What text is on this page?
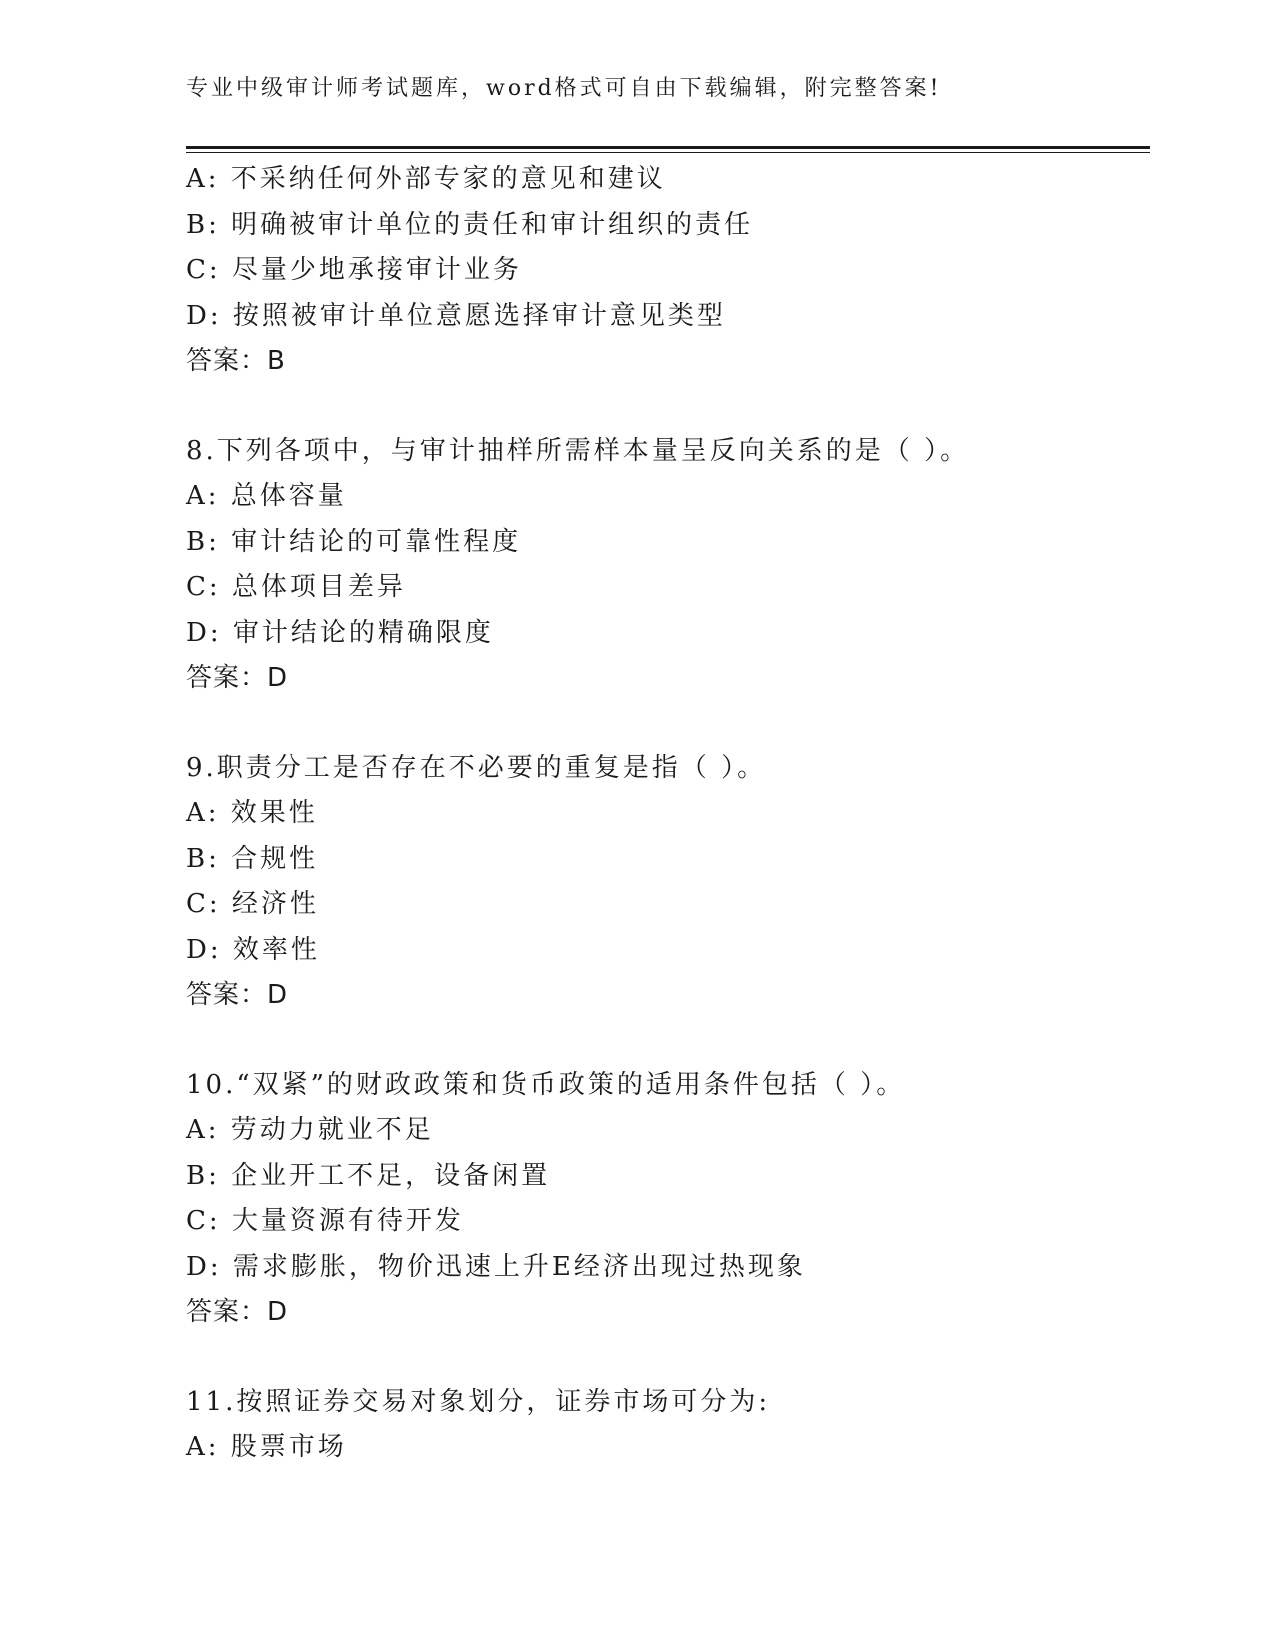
专业中级审计师考试题库，word格式可自由下载编辑，附完整答案!
A: 不采纳任何外部专家的意见和建议
B: 明确被审计单位的责任和审计组织的责任
C: 尽量少地承接审计业务
D: 按照被审计单位意愿选择审计意见类型
答案：B
8.下列各项中，与审计抽样所需样本量呈反向关系的是（ ）。
A: 总体容量
B: 审计结论的可靠性程度
C: 总体项目差异
D: 审计结论的精确限度
答案：D
9.职责分工是否存在不必要的重复是指（ ）。
A: 效果性
B: 合规性
C: 经济性
D: 效率性
答案：D
10.“双紧”的财政政策和货币政策的适用条件包括（ ）。
A: 劳动力就业不足
B: 企业开工不足，设备闲置
C: 大量资源有待开发
D: 需求膨胀，物价迅速上升E经济出现过热现象
答案：D
11.按照证券交易对象划分，证券市场可分为:
A: 股票市场
